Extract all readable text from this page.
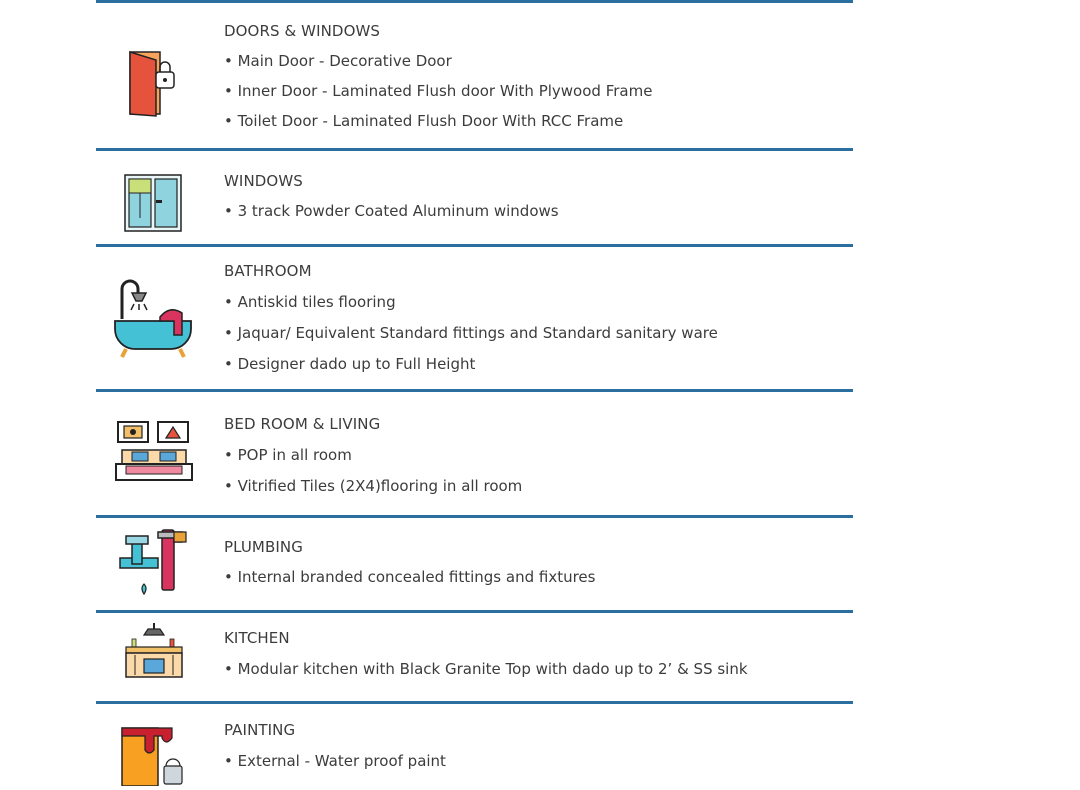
DOORS & WINDOWS
• Main Door - Decorative Door
• Inner Door - Laminated Flush door With Plywood Frame
• Toilet Door - Laminated Flush Door With RCC Frame
WINDOWS
• 3 track Powder Coated Aluminum windows
BATHROOM
• Antiskid tiles flooring
• Jaquar/ Equivalent Standard fittings and Standard sanitary ware
• Designer dado up to Full Height
BED ROOM & LIVING
• POP in all room
• Vitrified Tiles (2X4)flooring in all room
PLUMBING
• Internal branded concealed fittings and fixtures
KITCHEN
• Modular kitchen with Black Granite Top with dado up to 2’ & SS sink
PAINTING
• External - Water proof paint
